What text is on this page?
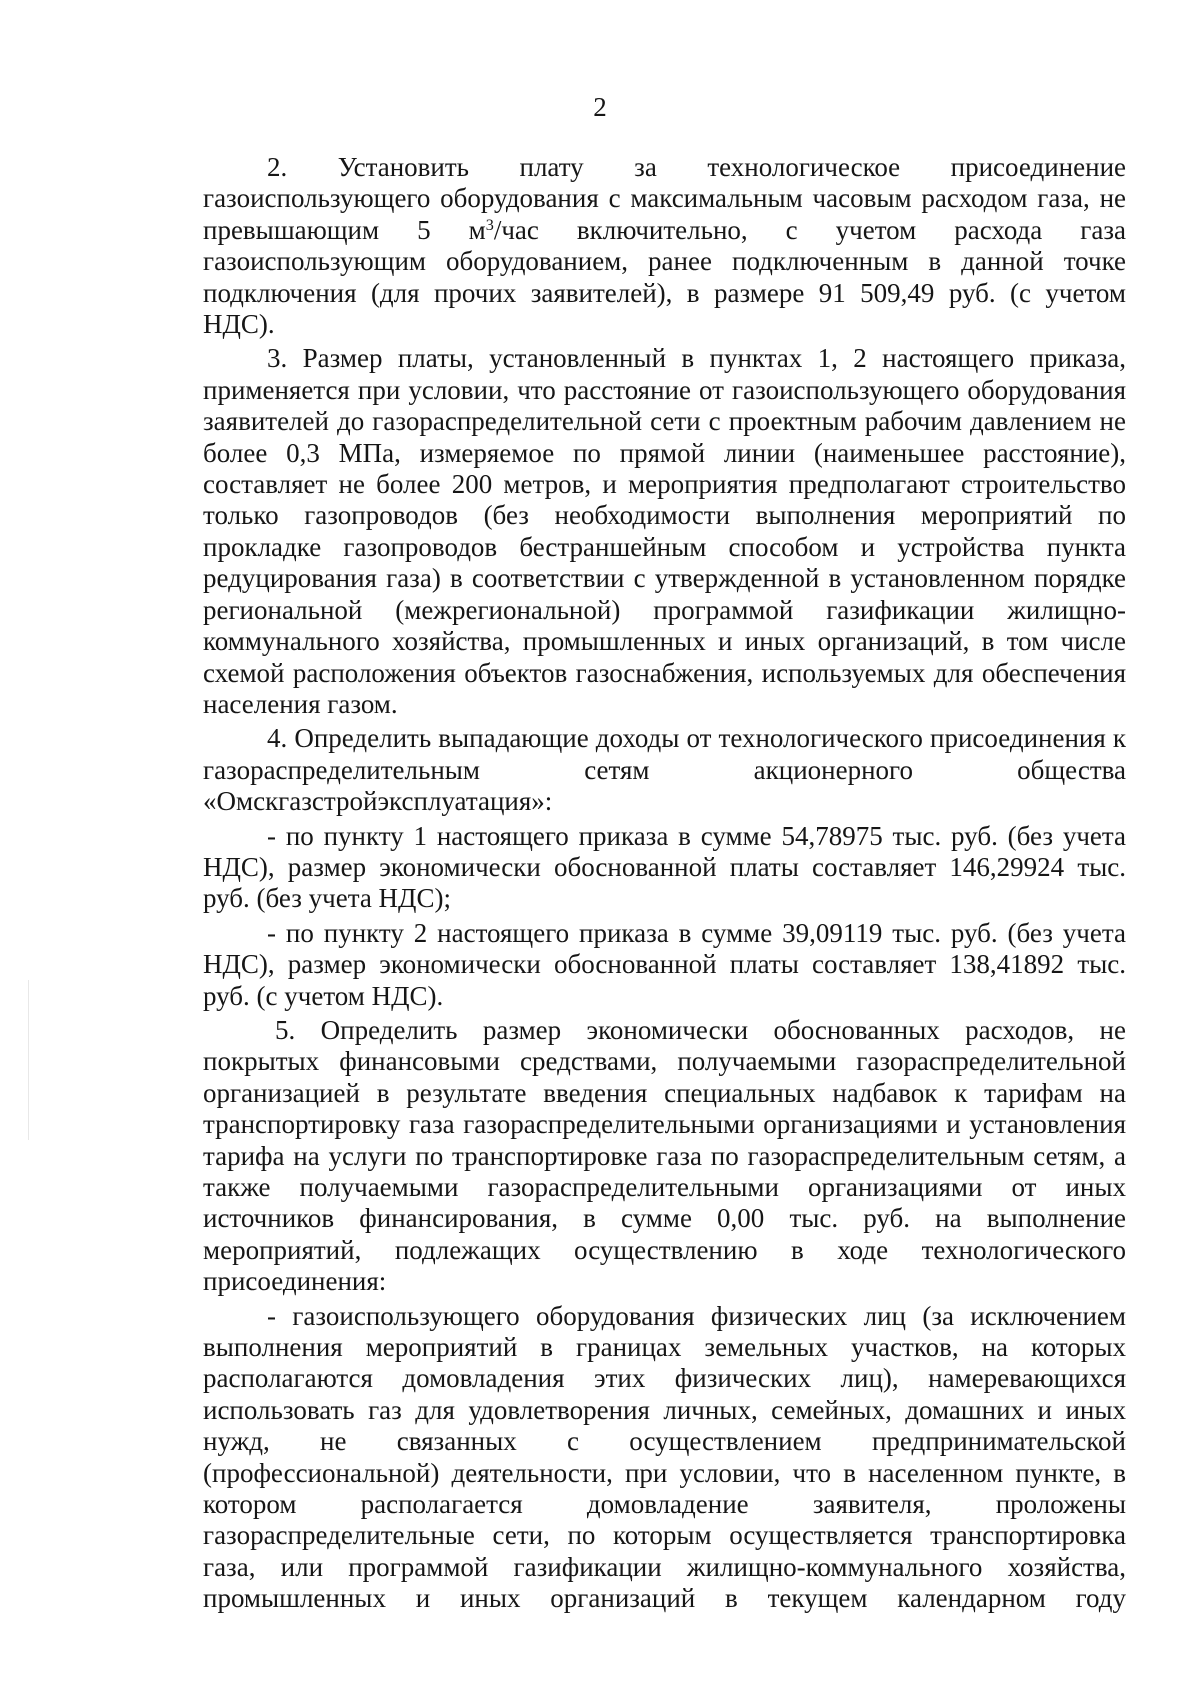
2

2. Установить плату за технологическое присоединение газоиспользующего оборудования с максимальным часовым расходом газа, не превышающим 5 $м^3$/час включительно, с учетом расхода газа газоиспользующим оборудованием, ранее подключенным в данной точке подключения (для прочих заявителей), в размере 91 509,49 руб. (с учетом НДС).

3. Размер платы, установленный в пунктах 1, 2 настоящего приказа, применяется при условии, что расстояние от газоиспользующего оборудования заявителей до газораспределительной сети с проектным рабочим давлением не более 0,3 МПа, измеряемое по прямой линии (наименьшее расстояние), составляет не более 200 метров, и мероприятия предполагают строительство только газопроводов (без необходимости выполнения мероприятий по прокладке газопроводов бестраншейным способом и устройства пункта редуцирования газа) в соответствии с утвержденной в установленном порядке региональной (межрегиональной) программой газификации жилищно-коммунального хозяйства, промышленных и иных организаций, в том числе схемой расположения объектов газоснабжения, используемых для обеспечения населения газом.

4. Определить выпадающие доходы от технологического присоединения к газораспределительным сетям акционерного общества «Омскгазстройэксплуатация»:

- по пункту 1 настоящего приказа в сумме 54,78975 тыс. руб. (без учета НДС), размер экономически обоснованной платы составляет 146,29924 тыс. руб. (без учета НДС);

- по пункту 2 настоящего приказа в сумме 39,09119 тыс. руб. (без учета НДС), размер экономически обоснованной платы составляет 138,41892 тыс. руб. (с учетом НДС).

5. Определить размер экономически обоснованных расходов, не покрытых финансовыми средствами, получаемыми газораспределительной организацией в результате введения специальных надбавок к тарифам на транспортировку газа газораспределительными организациями и установления тарифа на услуги по транспортировке газа по газораспределительным сетям, а также получаемыми газораспределительными организациями от иных источников финансирования, в сумме 0,00 тыс. руб. на выполнение мероприятий, подлежащих осуществлению в ходе технологического присоединения:

- газоиспользующего оборудования физических лиц (за исключением выполнения мероприятий в границах земельных участков, на которых располагаются домовладения этих физических лиц), намеревающихся использовать газ для удовлетворения личных, семейных, домашних и иных нужд, не связанных с осуществлением предпринимательской (профессиональной) деятельности, при условии, что в населенном пункте, в котором располагается домовладение заявителя, проложены газораспределительные сети, по которым осуществляется транспортировка газа, или программой газификации жилищно-коммунального хозяйства, промышленных и иных организаций в текущем календарном году
